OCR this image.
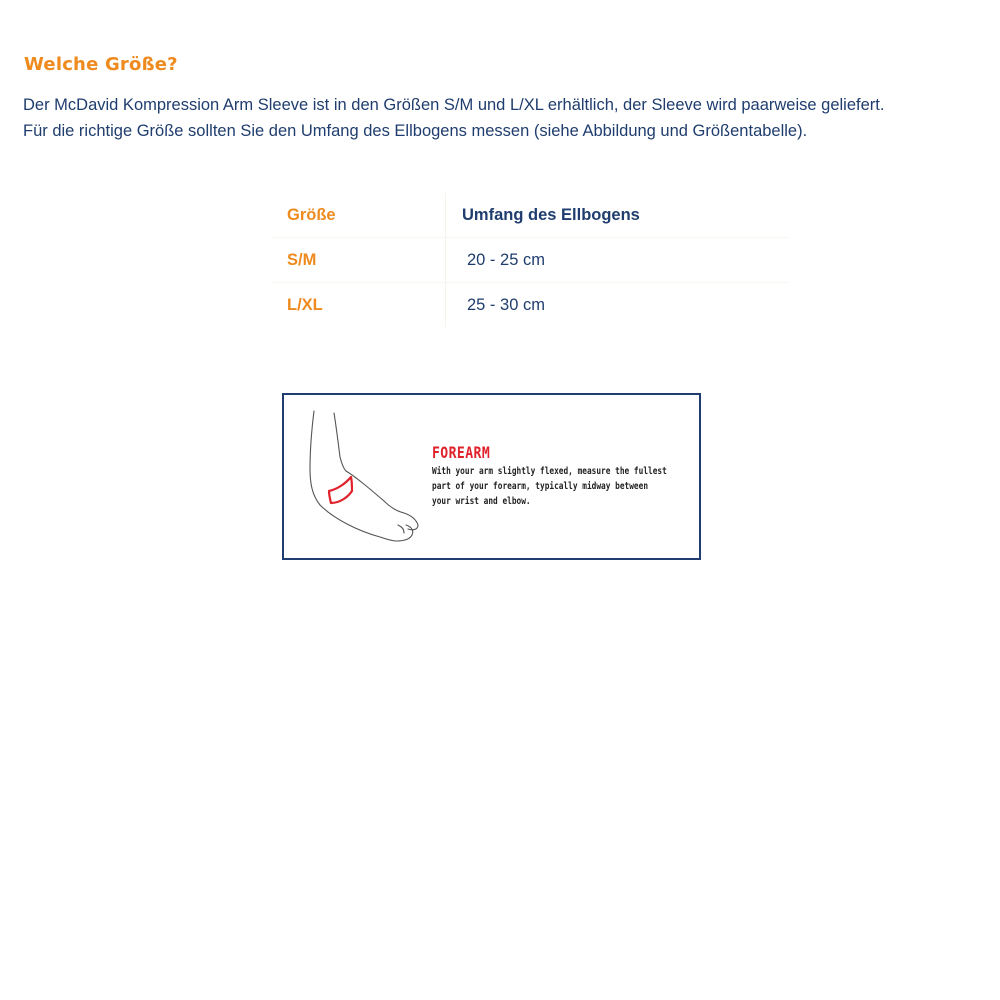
Welche Größe?

Der McDavid Kompression Arm Sleeve ist in den Größen S/M und L/XL erhältlich, der Sleeve wird paarweise geliefert.

Für die richtige Größe sollten Sie den Umfang des Ellbogens messen (siehe Abbildung und Größentabelle).

Größe	Umfang des Ellbogens
S/M	20 - 25 cm
L/XL	25 - 30 cm
FOREARM
With your arm slightly flexed, measure the fullest
part of your forearm, typically midway between
your wrist and elbow.
